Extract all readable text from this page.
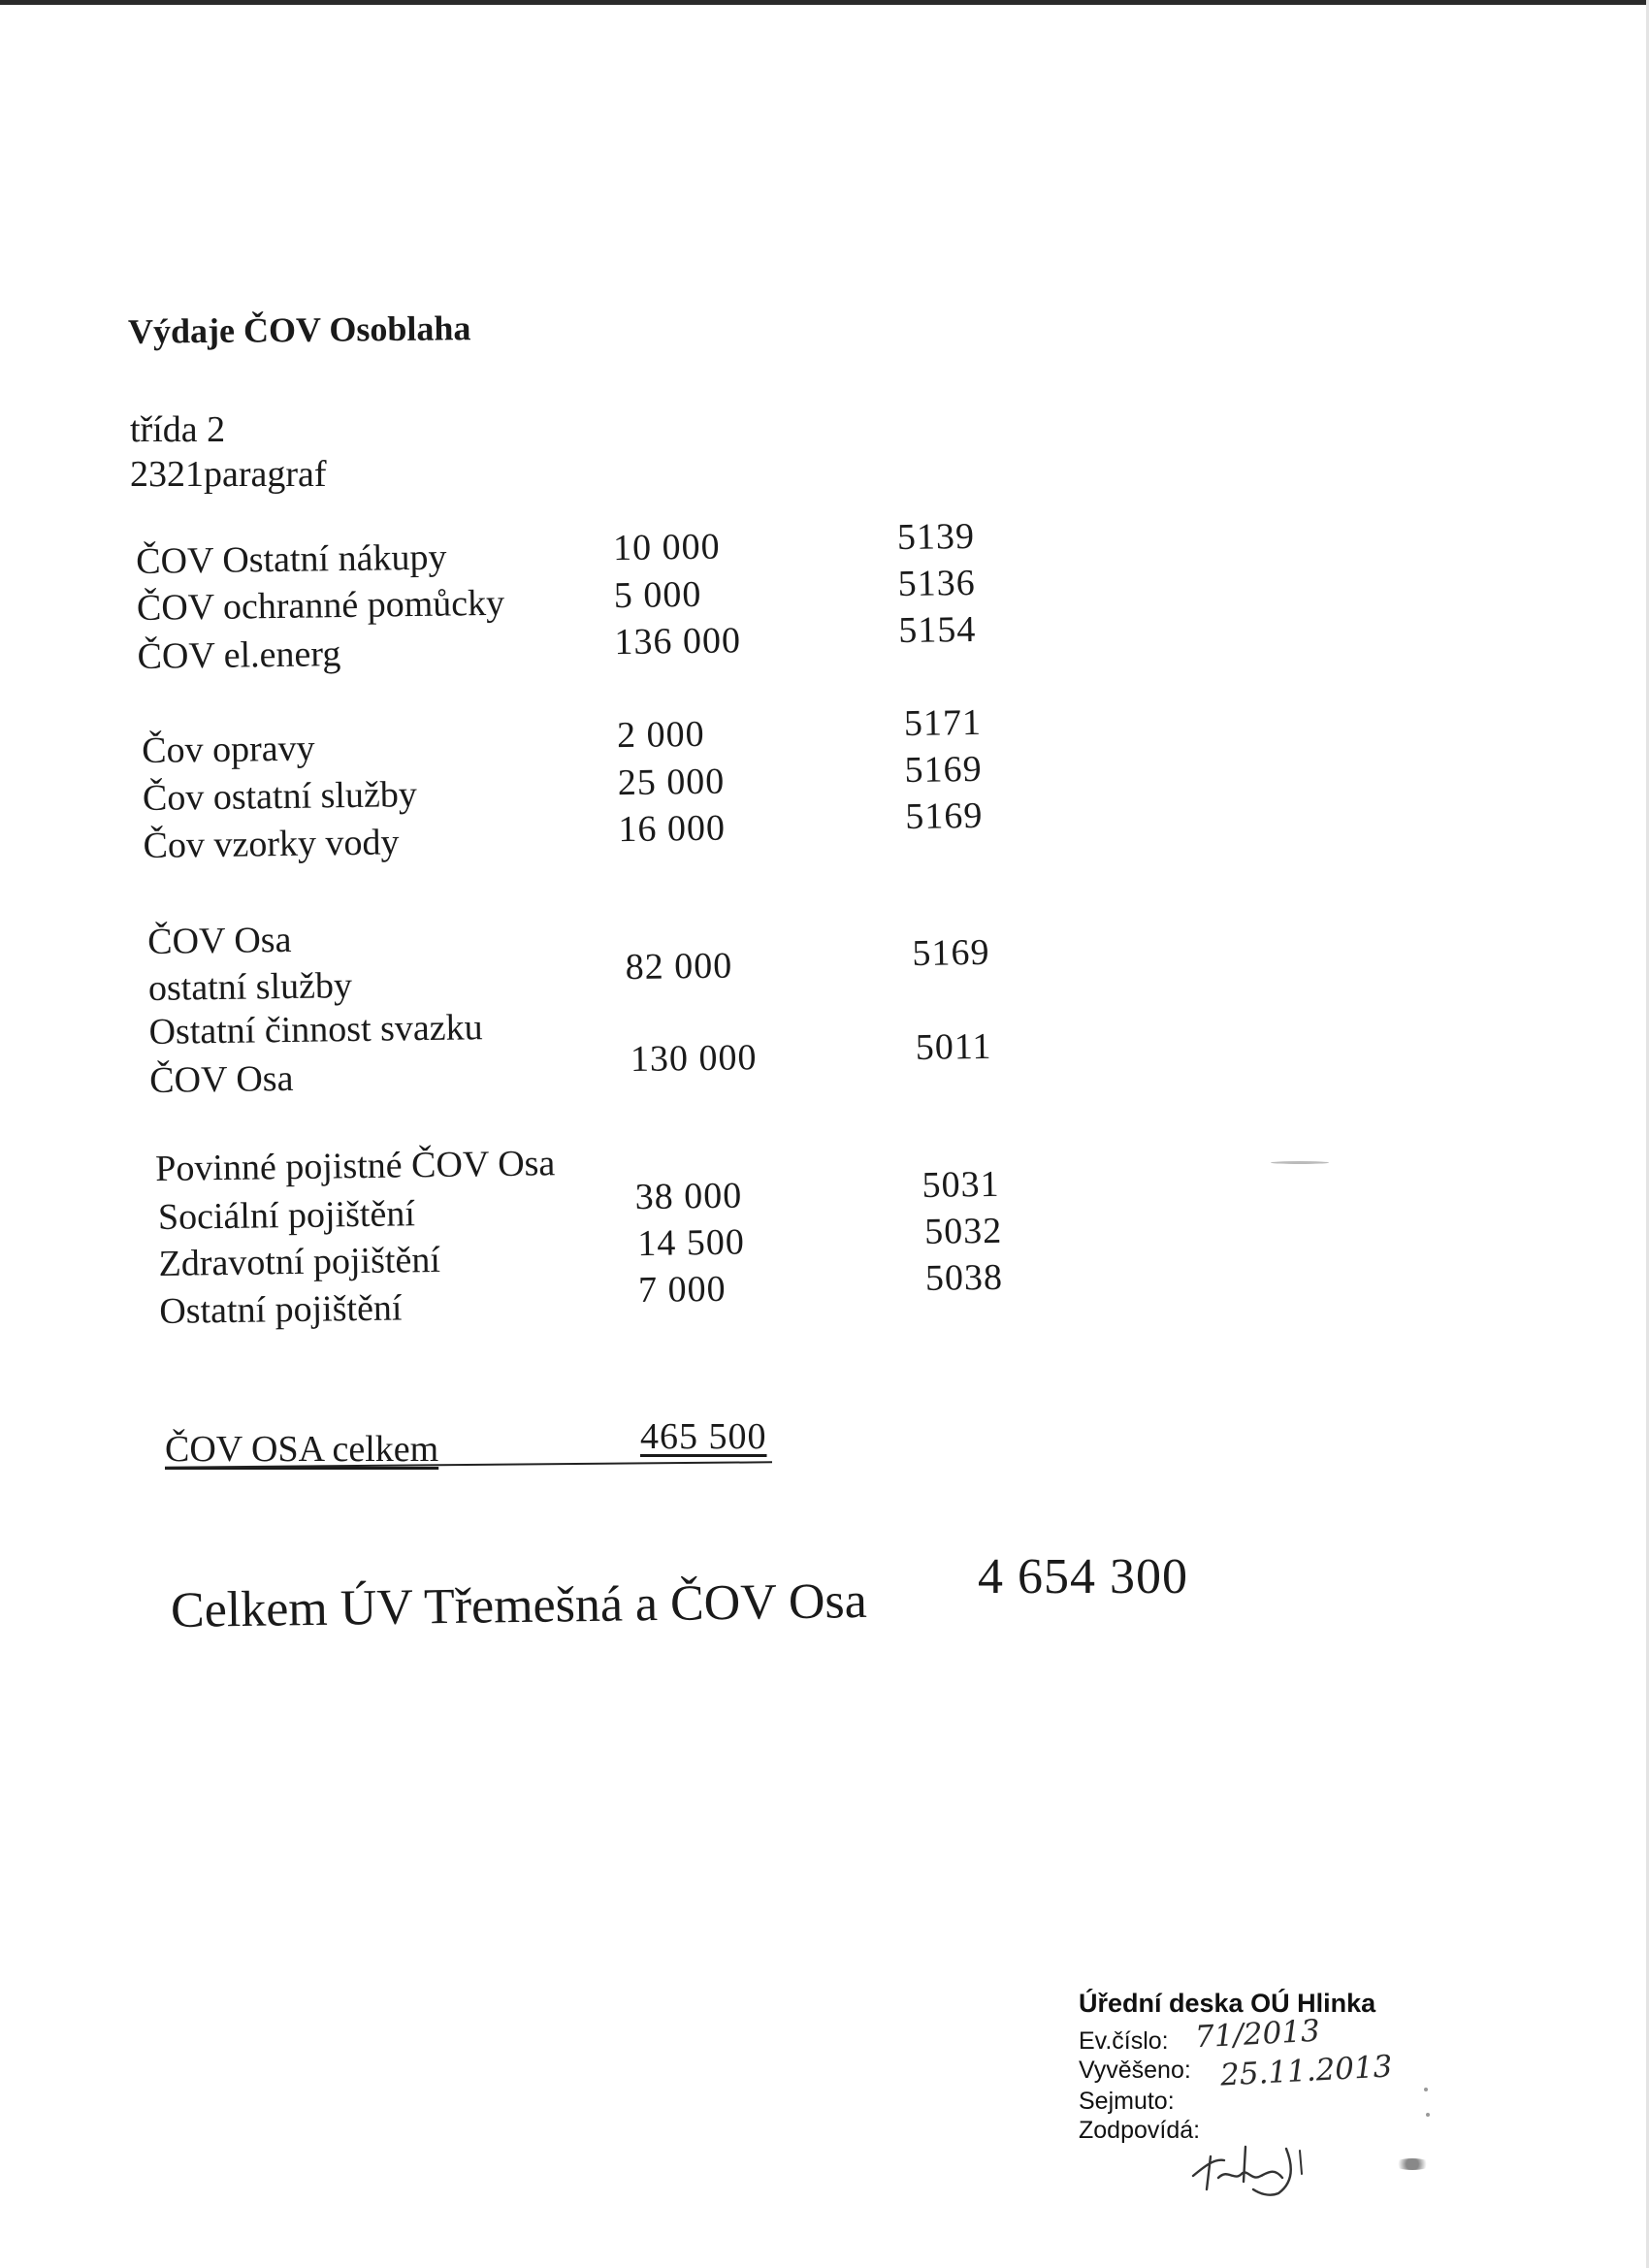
Výdaje ČOV Osoblaha
třída 2
2321paragraf
ČOV Ostatní nákupy	10 000	5139
ČOV ochranné pomůcky	5 000	5136
ČOV el.energ	136 000	5154
Čov opravy	2 000	5171
Čov ostatní služby	25 000	5169
Čov vzorky vody	16 000	5169
ČOV Osa
ostatní služby	82 000	5169
Ostatní činnost svazku
ČOV Osa	130 000	5011
Povinné pojistné ČOV Osa
Sociální pojištění	38 000	5031
Zdravotní pojištění	14 500	5032
Ostatní pojištění	7 000	5038
ČOV OSA celkem	465 500
Celkem ÚV Třemešná a ČOV Osa 4 654 300
Úřední deska OÚ Hlinka
Ev.číslo: 71/2013
Vyvěšeno: 25.11.2013
Sejmuto:
Zodpovídá:
